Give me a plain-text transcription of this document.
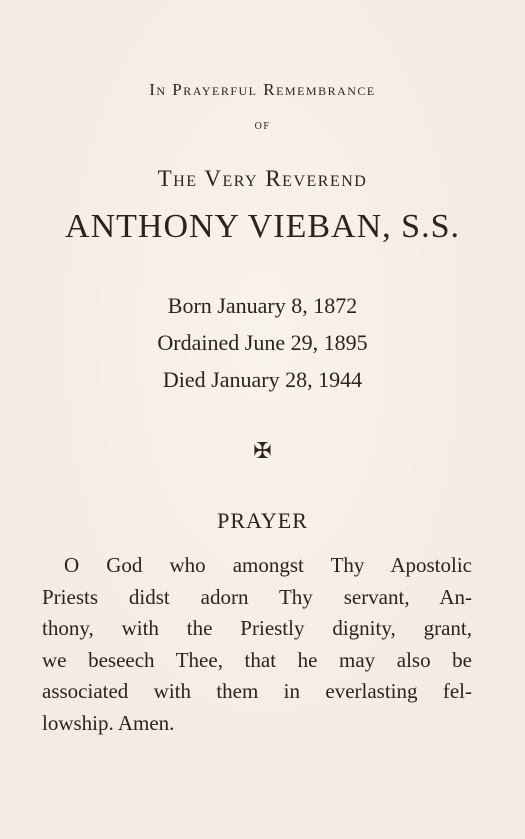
In Prayerful Remembrance
of
The Very Reverend
ANTHONY VIEBAN, S.S.
Born January 8, 1872
Ordained June 29, 1895
Died January 28, 1944
✠
PRAYER
O God who amongst Thy Apostolic
Priests didst adorn Thy servant, An-
thony, with the Priestly dignity, grant,
we beseech Thee, that he may also be
associated with them in everlasting fel-
lowship. Amen.
